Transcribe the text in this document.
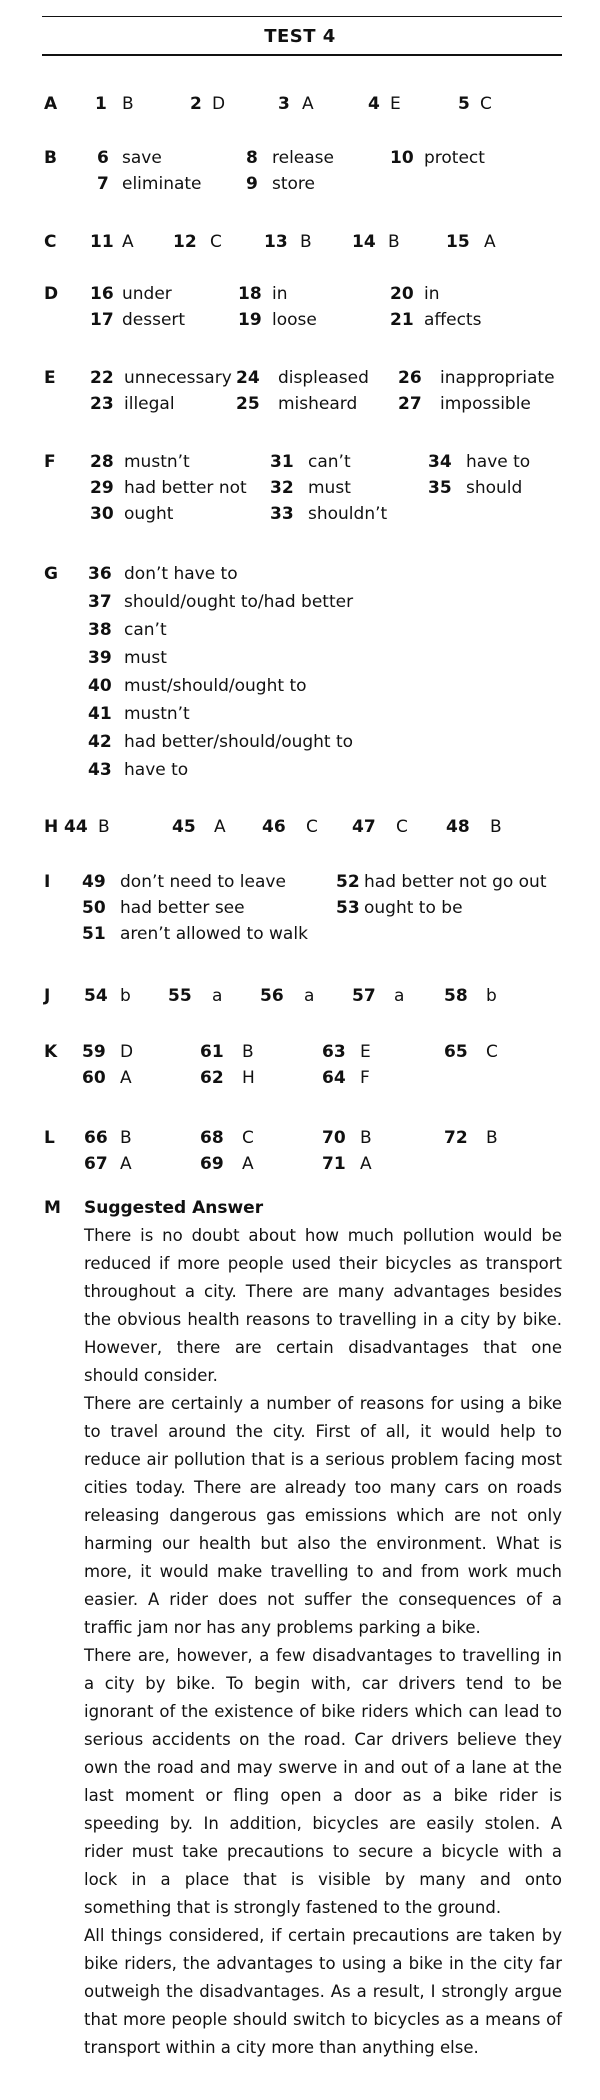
TEST 4
A 1 B	2 D	3 A	4 E	5 C
B 6 save	8 release	10 protect
7 eliminate	9 store
C 11 A 12 C 13 B 14 B	15 A
D 16 under	18 in	20 in
17 dessert	19 loose	21 affects
E 22 unnecessary 24 displeased 26 inappropriate
23 illegal	25 misheard 27 impossible
F 28 mustn’t	31 can’t	34 have to
29 had better not 32 must	35 should
30 ought	33 shouldn’t
G 36 don’t have to
37 should/ought to/had better
38 can’t
39 must
40 must/should/ought to
41 mustn’t
42 had better/should/ought to
43 have to
H 44 B	45 A 46 C 47 C 48 B
I 49 don’t need to leave	52 had better not go out
50 had better see	53 ought to be
51 aren’t allowed to walk
J 54 b 55 a 56 a 57 a 58 b
K 59 D	61 B	63 E	65 C
60 A	62 H	64 F
L 66 B	68 C	70 B	72 B
67 A	69 A	71 A
M Suggested Answer

There is no doubt about how much pollution would be reduced if more people used their bicycles as transport throughout a city. There are many advantages besides the obvious health reasons to travelling in a city by bike. However, there are certain disadvantages that one should consider.

There are certainly a number of reasons for using a bike to travel around the city. First of all, it would help to reduce air pollution that is a serious problem facing most cities today. There are already too many cars on roads releasing dangerous gas emissions which are not only harming our health but also the environment. What is more, it would make travelling to and from work much easier. A rider does not suffer the consequences of a traffic jam nor has any problems parking a bike.

There are, however, a few disadvantages to travelling in a city by bike. To begin with, car drivers tend to be ignorant of the existence of bike riders which can lead to serious accidents on the road. Car drivers believe they own the road and may swerve in and out of a lane at the last moment or fling open a door as a bike rider is speeding by. In addition, bicycles are easily stolen. A rider must take precautions to secure a bicycle with a lock in a place that is visible by many and onto something that is strongly fastened to the ground.

All things considered, if certain precautions are taken by bike riders, the advantages to using a bike in the city far outweigh the disadvantages. As a result, I strongly argue that more people should switch to bicycles as a means of transport within a city more than anything else.
